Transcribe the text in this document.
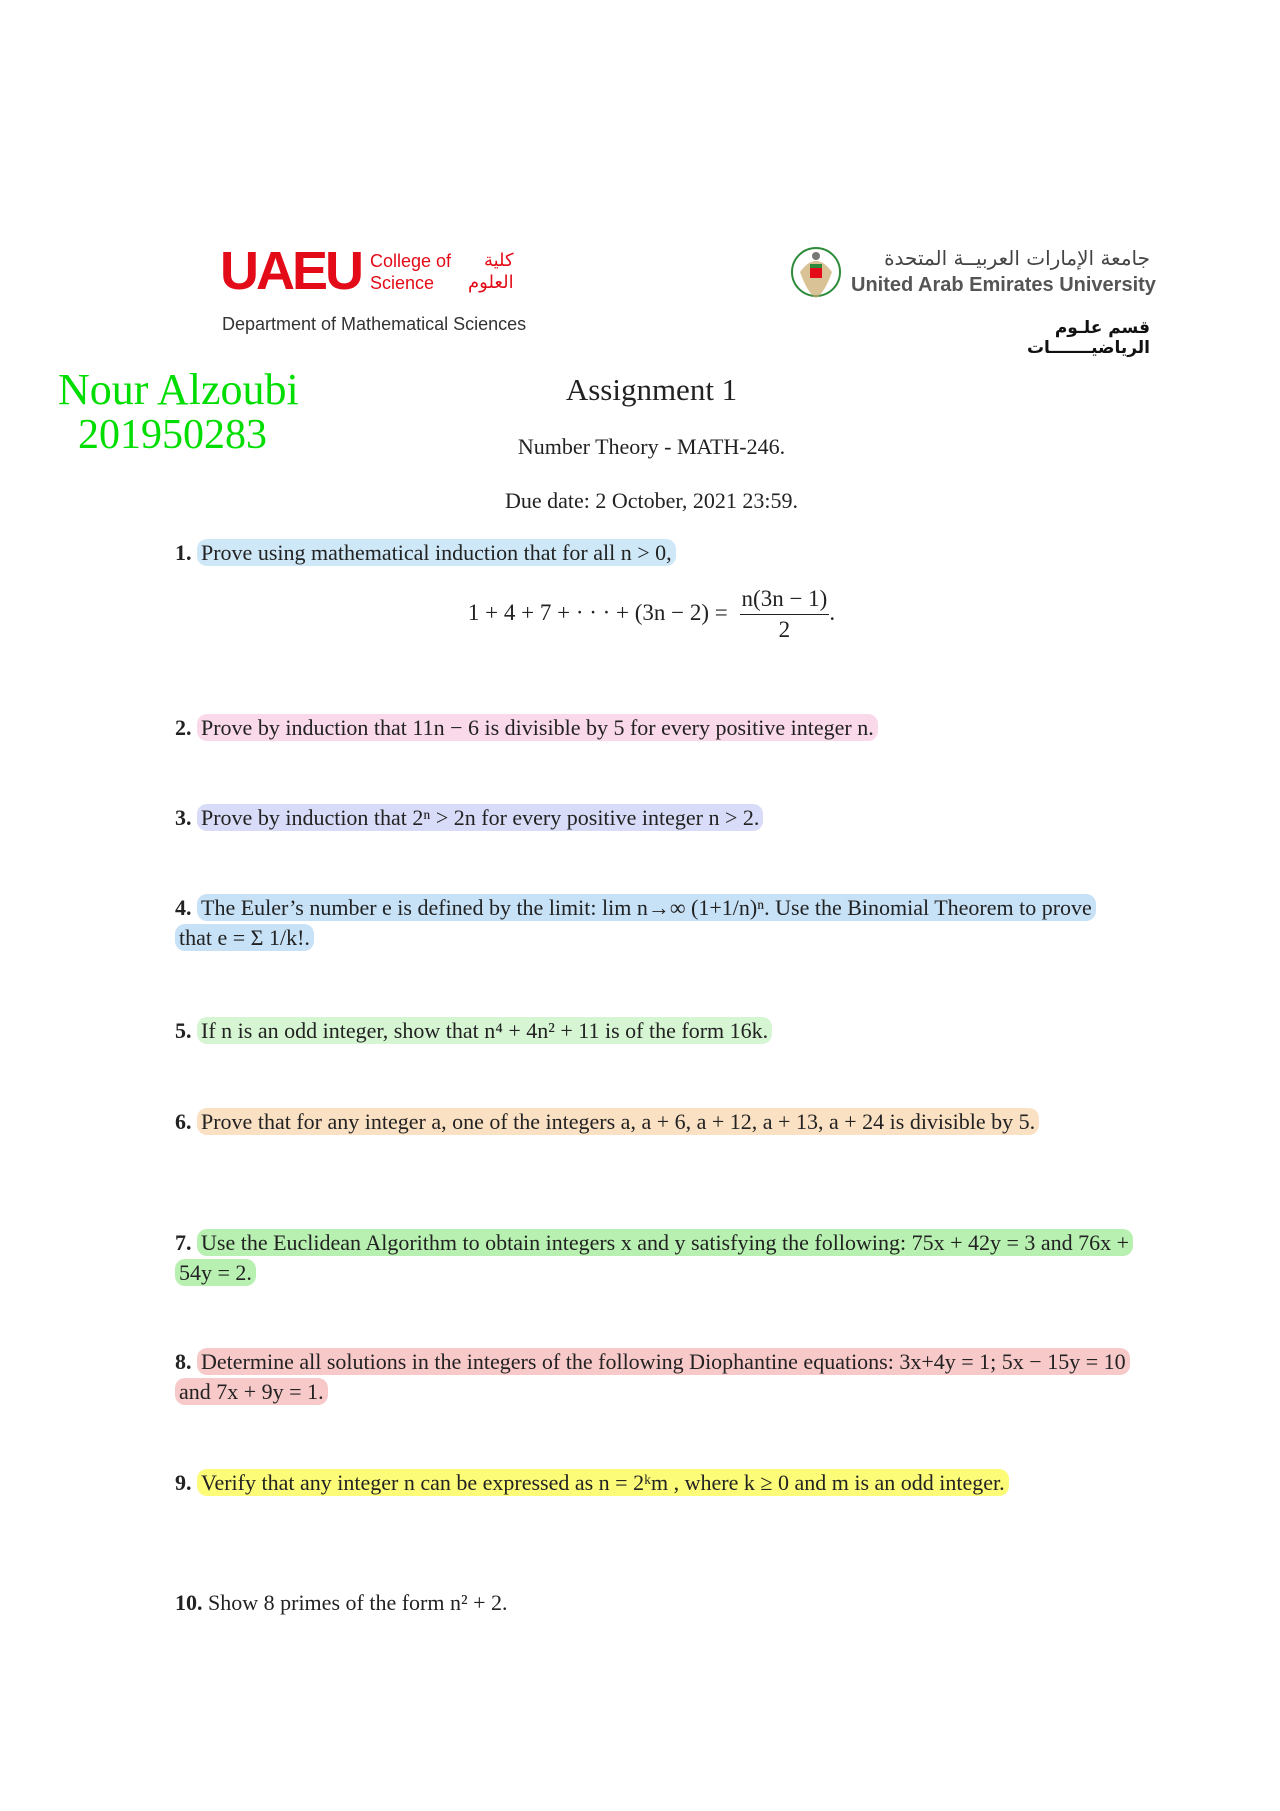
UAEU College of
Science
كلية
العلوم
Department of Mathematical Sciences
جامعة الإمارات العربيــة المتحدة
United Arab Emirates University
قسم علـوم الرياضيـــــــات
Nour Alzoubi
201950283
Assignment 1
Number Theory - MATH-246.
Due date: 2 October, 2021 23:59.
1. Prove using mathematical induction that for all n > 0,
1 + 4 + 7 + · · · + $(3n - 2) = \frac{n(3n - 1)}{2}$ .
2. Prove by induction that 11n − 6 is divisible by 5 for every positive integer n.
3. Prove by induction that 2ⁿ > 2n for every positive integer n > 2.
4. The Euler’s number e is defined by the limit: lim n→∞ (1+1/n)ⁿ. Use the Binomial Theorem to prove that e = Σ 1/k!.
5. If n is an odd integer, show that n⁴ + 4n² + 11 is of the form 16k.
6. Prove that for any integer a, one of the integers a, a + 6, a + 12, a + 13, a + 24 is divisible by 5.
7. Use the Euclidean Algorithm to obtain integers x and y satisfying the following: 75x + 42y = 3 and 76x + 54y = 2.
8. Determine all solutions in the integers of the following Diophantine equations: 3x+4y = 1; 5x − 15y = 10 and 7x + 9y = 1.
9. Verify that any integer n can be expressed as n = 2ᵏm , where k ≥ 0 and m is an odd integer.
10. Show 8 primes of the form n² + 2.
